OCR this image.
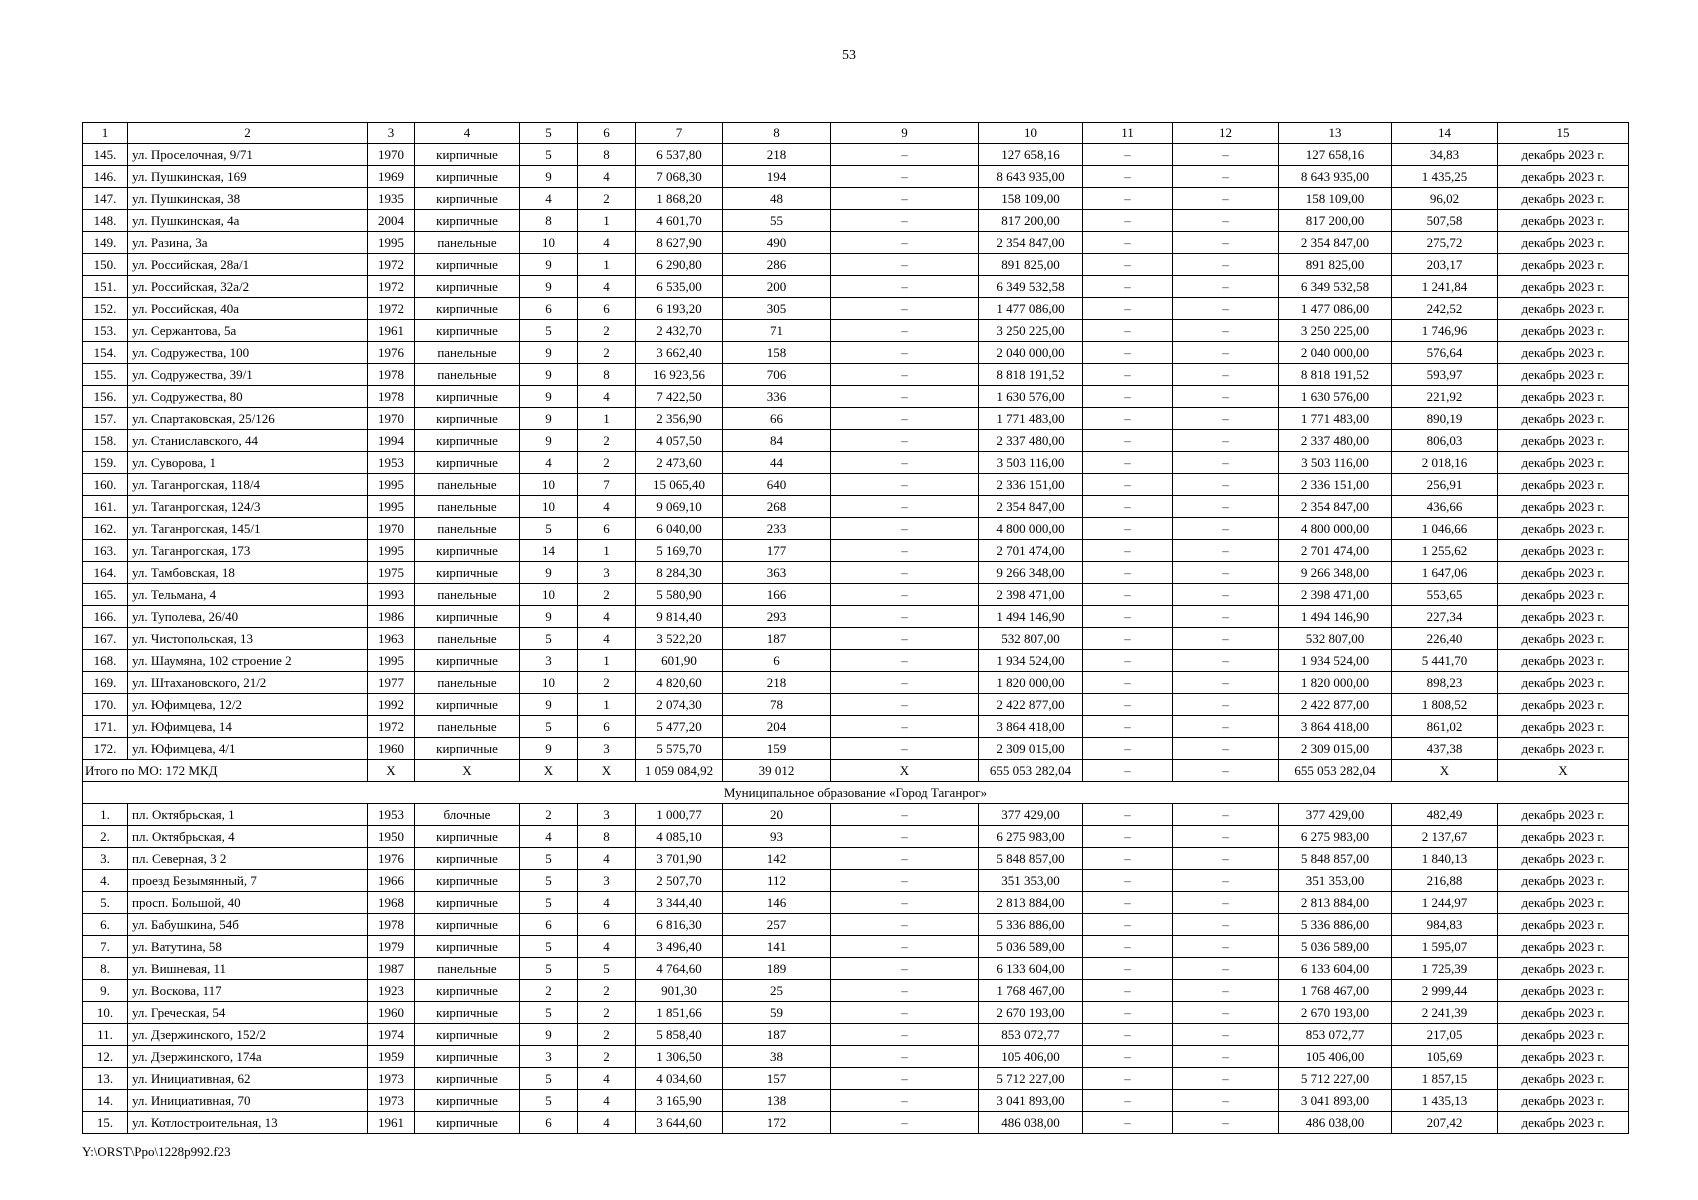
53
1	2	3	4	5	6	7	8	9	10	11	12	13	14	15
145.	ул. Проселочная, 9/71	1970	кирпичные	5	8	6 537,80	218	–	127 658,16	–	–	127 658,16	34,83	декабрь 2023 г.
146.	ул. Пушкинская, 169	1969	кирпичные	9	4	7 068,30	194	–	8 643 935,00	–	–	8 643 935,00	1 435,25	декабрь 2023 г.
147.	ул. Пушкинская, 38	1935	кирпичные	4	2	1 868,20	48	–	158 109,00	–	–	158 109,00	96,02	декабрь 2023 г.
148.	ул. Пушкинская, 4а	2004	кирпичные	8	1	4 601,70	55	–	817 200,00	–	–	817 200,00	507,58	декабрь 2023 г.
149.	ул. Разина, 3а	1995	панельные	10	4	8 627,90	490	–	2 354 847,00	–	–	2 354 847,00	275,72	декабрь 2023 г.
150.	ул. Российская, 28а/1	1972	кирпичные	9	1	6 290,80	286	–	891 825,00	–	–	891 825,00	203,17	декабрь 2023 г.
151.	ул. Российская, 32а/2	1972	кирпичные	9	4	6 535,00	200	–	6 349 532,58	–	–	6 349 532,58	1 241,84	декабрь 2023 г.
152.	ул. Российская, 40а	1972	кирпичные	6	6	6 193,20	305	–	1 477 086,00	–	–	1 477 086,00	242,52	декабрь 2023 г.
153.	ул. Сержантова, 5а	1961	кирпичные	5	2	2 432,70	71	–	3 250 225,00	–	–	3 250 225,00	1 746,96	декабрь 2023 г.
154.	ул. Содружества, 100	1976	панельные	9	2	3 662,40	158	–	2 040 000,00	–	–	2 040 000,00	576,64	декабрь 2023 г.
155.	ул. Содружества, 39/1	1978	панельные	9	8	16 923,56	706	–	8 818 191,52	–	–	8 818 191,52	593,97	декабрь 2023 г.
156.	ул. Содружества, 80	1978	кирпичные	9	4	7 422,50	336	–	1 630 576,00	–	–	1 630 576,00	221,92	декабрь 2023 г.
157.	ул. Спартаковская, 25/126	1970	кирпичные	9	1	2 356,90	66	–	1 771 483,00	–	–	1 771 483,00	890,19	декабрь 2023 г.
158.	ул. Станиславского, 44	1994	кирпичные	9	2	4 057,50	84	–	2 337 480,00	–	–	2 337 480,00	806,03	декабрь 2023 г.
159.	ул. Суворова, 1	1953	кирпичные	4	2	2 473,60	44	–	3 503 116,00	–	–	3 503 116,00	2 018,16	декабрь 2023 г.
160.	ул. Таганрогская, 118/4	1995	панельные	10	7	15 065,40	640	–	2 336 151,00	–	–	2 336 151,00	256,91	декабрь 2023 г.
161.	ул. Таганрогская, 124/3	1995	панельные	10	4	9 069,10	268	–	2 354 847,00	–	–	2 354 847,00	436,66	декабрь 2023 г.
162.	ул. Таганрогская, 145/1	1970	панельные	5	6	6 040,00	233	–	4 800 000,00	–	–	4 800 000,00	1 046,66	декабрь 2023 г.
163.	ул. Таганрогская, 173	1995	кирпичные	14	1	5 169,70	177	–	2 701 474,00	–	–	2 701 474,00	1 255,62	декабрь 2023 г.
164.	ул. Тамбовская, 18	1975	кирпичные	9	3	8 284,30	363	–	9 266 348,00	–	–	9 266 348,00	1 647,06	декабрь 2023 г.
165.	ул. Тельмана, 4	1993	панельные	10	2	5 580,90	166	–	2 398 471,00	–	–	2 398 471,00	553,65	декабрь 2023 г.
166.	ул. Туполева, 26/40	1986	кирпичные	9	4	9 814,40	293	–	1 494 146,90	–	–	1 494 146,90	227,34	декабрь 2023 г.
167.	ул. Чистопольская, 13	1963	панельные	5	4	3 522,20	187	–	532 807,00	–	–	532 807,00	226,40	декабрь 2023 г.
168.	ул. Шаумяна, 102 строение 2	1995	кирпичные	3	1	601,90	6	–	1 934 524,00	–	–	1 934 524,00	5 441,70	декабрь 2023 г.
169.	ул. Штахановского, 21/2	1977	панельные	10	2	4 820,60	218	–	1 820 000,00	–	–	1 820 000,00	898,23	декабрь 2023 г.
170.	ул. Юфимцева, 12/2	1992	кирпичные	9	1	2 074,30	78	–	2 422 877,00	–	–	2 422 877,00	1 808,52	декабрь 2023 г.
171.	ул. Юфимцева, 14	1972	панельные	5	6	5 477,20	204	–	3 864 418,00	–	–	3 864 418,00	861,02	декабрь 2023 г.
172.	ул. Юфимцева, 4/1	1960	кирпичные	9	3	5 575,70	159	–	2 309 015,00	–	–	2 309 015,00	437,38	декабрь 2023 г.
Итого по МО: 172 МКД		X	X	X	X	1 059 084,92	39 012	X	655 053 282,04	–	–	655 053 282,04	X	X
Муниципальное образование «Город Таганрог»														
1.	пл. Октябрьская, 1	1953	блочные	2	3	1 000,77	20	–	377 429,00	–	–	377 429,00	482,49	декабрь 2023 г.
2.	пл. Октябрьская, 4	1950	кирпичные	4	8	4 085,10	93	–	6 275 983,00	–	–	6 275 983,00	2 137,67	декабрь 2023 г.
3.	пл. Северная, 3 2	1976	кирпичные	5	4	3 701,90	142	–	5 848 857,00	–	–	5 848 857,00	1 840,13	декабрь 2023 г.
4.	проезд Безымянный, 7	1966	кирпичные	5	3	2 507,70	112	–	351 353,00	–	–	351 353,00	216,88	декабрь 2023 г.
5.	просп. Большой, 40	1968	кирпичные	5	4	3 344,40	146	–	2 813 884,00	–	–	2 813 884,00	1 244,97	декабрь 2023 г.
6.	ул. Бабушкина, 54б	1978	кирпичные	6	6	6 816,30	257	–	5 336 886,00	–	–	5 336 886,00	984,83	декабрь 2023 г.
7.	ул. Ватутина, 58	1979	кирпичные	5	4	3 496,40	141	–	5 036 589,00	–	–	5 036 589,00	1 595,07	декабрь 2023 г.
8.	ул. Вишневая, 11	1987	панельные	5	5	4 764,60	189	–	6 133 604,00	–	–	6 133 604,00	1 725,39	декабрь 2023 г.
9.	ул. Воскова, 117	1923	кирпичные	2	2	901,30	25	–	1 768 467,00	–	–	1 768 467,00	2 999,44	декабрь 2023 г.
10.	ул. Греческая, 54	1960	кирпичные	5	2	1 851,66	59	–	2 670 193,00	–	–	2 670 193,00	2 241,39	декабрь 2023 г.
11.	ул. Дзержинского, 152/2	1974	кирпичные	9	2	5 858,40	187	–	853 072,77	–	–	853 072,77	217,05	декабрь 2023 г.
12.	ул. Дзержинского, 174а	1959	кирпичные	3	2	1 306,50	38	–	105 406,00	–	–	105 406,00	105,69	декабрь 2023 г.
13.	ул. Инициативная, 62	1973	кирпичные	5	4	4 034,60	157	–	5 712 227,00	–	–	5 712 227,00	1 857,15	декабрь 2023 г.
14.	ул. Инициативная, 70	1973	кирпичные	5	4	3 165,90	138	–	3 041 893,00	–	–	3 041 893,00	1 435,13	декабрь 2023 г.
15.	ул. Котлостроительная, 13	1961	кирпичные	6	4	3 644,60	172	–	486 038,00	–	–	486 038,00	207,42	декабрь 2023 г.
Y:\ORST\Ppo\1228p992.f23
